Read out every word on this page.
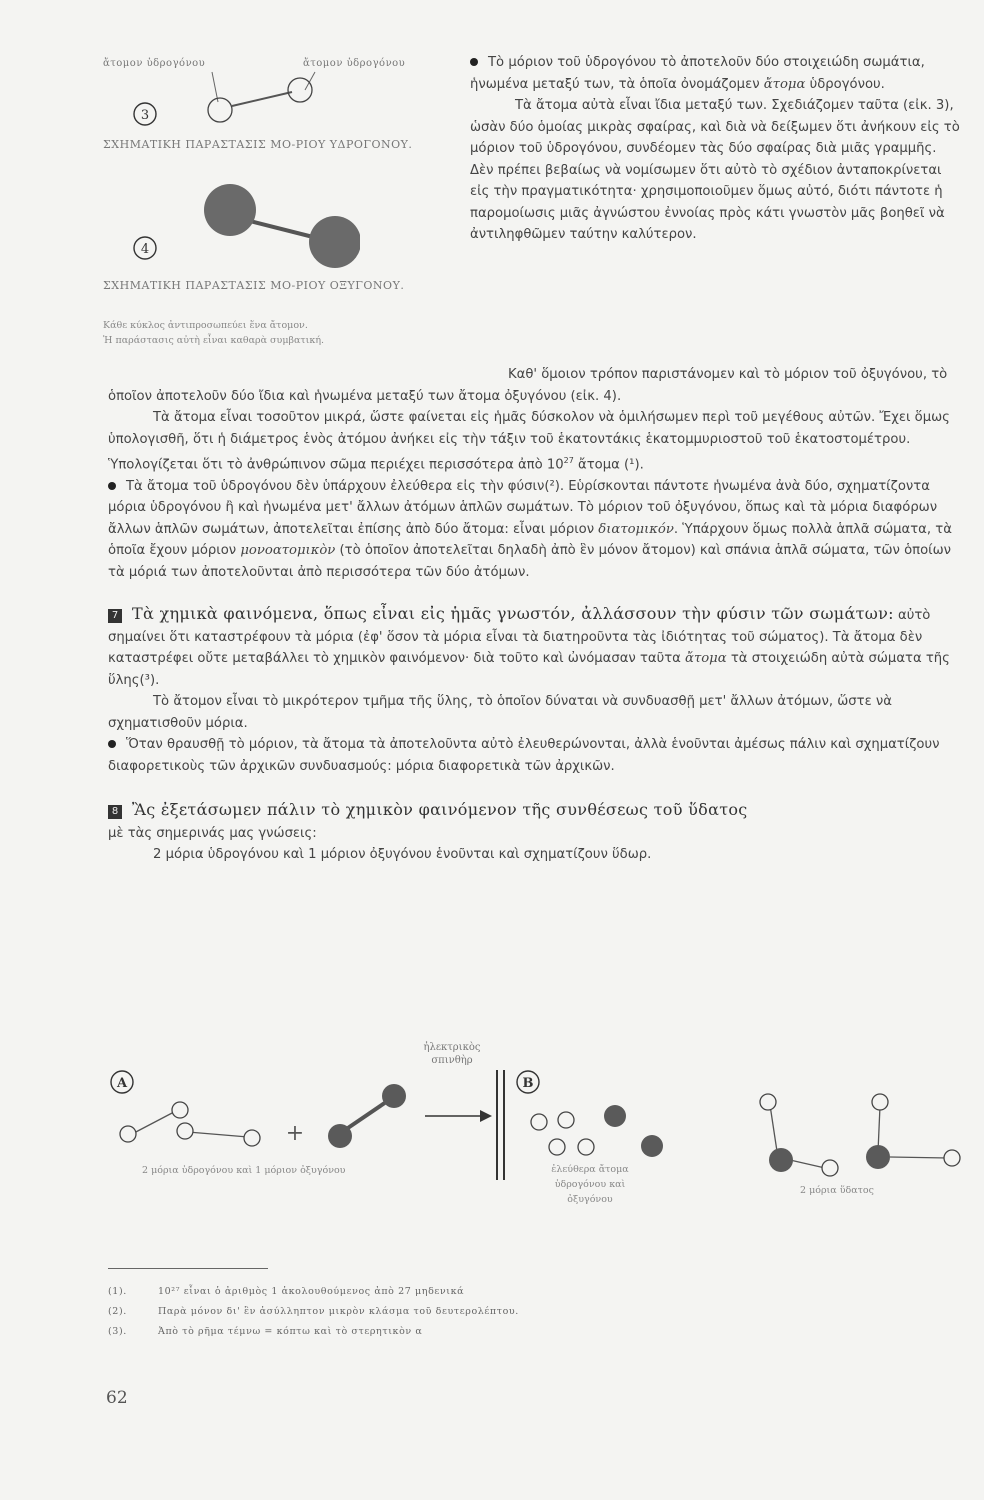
ἄτομον ὑδρογόνου	ἄτομον ὑδρογόνου
3
ΣΧΗΜΑΤΙΚΗ ΠΑΡΑΣΤΑΣΙΣ ΜΟ-ΡΙΟΥ ΥΔΡΟΓΟΝΟΥ.
4
ΣΧΗΜΑΤΙΚΗ ΠΑΡΑΣΤΑΣΙΣ ΜΟ-ΡΙΟΥ ΟΞΥΓΟΝΟΥ.
Κάθε κύκλος ἀντιπροσωπεύει ἕνα ἄτομον.
Ἡ παράστασις αὐτὴ εἶναι καθαρὰ συμβατική.

Τὸ μόριον τοῦ ὑδρογόνου τὸ ἀποτελοῦν δύο στοιχειώδη σωμάτια, ἡνωμένα μεταξύ των, τὰ ὁποῖα ὀνομάζομεν ἄτομα ὑδρογόνου.

Τὰ ἄτομα αὐτὰ εἶναι ἴδια μεταξύ των. Σχεδιάζομεν ταῦτα (εἰκ. 3), ὡσὰν δύο ὁμοίας μικρὰς σφαίρας, καὶ διὰ νὰ δείξωμεν ὅτι ἀνήκουν εἰς τὸ μόριον τοῦ ὑδρογόνου, συνδέομεν τὰς δύο σφαίρας διὰ μιᾶς γραμμῆς. Δὲν πρέπει βεβαίως νὰ νομίσωμεν ὅτι αὐτὸ τὸ σχέδιον ἀνταποκρίνεται εἰς τὴν πραγματικότητα· χρησιμοποιοῦμεν ὅμως αὐτό, διότι πάντοτε ἡ παρομοίωσις μιᾶς ἀγνώστου ἐννοίας πρὸς κάτι γνωστὸν μᾶς βοηθεῖ νὰ ἀντιληφθῶμεν ταύτην καλύτερον.

Καθ' ὅμοιον τρόπον παριστάνομεν καὶ τὸ μόριον τοῦ ὀξυγόνου, τὸ ὁποῖον ἀποτελοῦν δύο ἴδια καὶ ἡνωμένα μεταξύ των ἄτομα ὀξυγόνου (εἰκ. 4).

Τὰ ἄτομα εἶναι τοσοῦτον μικρά, ὥστε φαίνεται εἰς ἡμᾶς δύσκολον νὰ ὁμιλήσωμεν περὶ τοῦ μεγέθους αὐτῶν. Ἔχει ὅμως ὑπολογισθῆ, ὅτι ἡ διάμετρος ἑνὸς ἀτόμου ἀνήκει εἰς τὴν τάξιν τοῦ ἑκατοντάκις ἑκατομμυριοστοῦ τοῦ ἑκατοστομέτρου. Ὑπολογίζεται ὅτι τὸ ἀνθρώπινον σῶμα περιέχει περισσότερα ἀπὸ $10^{27}$ ἄτομα (¹).

Τὰ ἄτομα τοῦ ὑδρογόνου δὲν ὑπάρχουν ἐλεύθερα εἰς τὴν φύσιν(²). Εὑρίσκονται πάντοτε ἡνωμένα ἀνὰ δύο, σχηματίζοντα μόρια ὑδρογόνου ἢ καὶ ἡνωμένα μετ' ἄλλων ἀτόμων ἁπλῶν σωμάτων. Τὸ μόριον τοῦ ὀξυγόνου, ὅπως καὶ τὰ μόρια διαφόρων ἄλλων ἁπλῶν σωμάτων, ἀποτελεῖται ἐπίσης ἀπὸ δύο ἄτομα: εἶναι μόριον διατομικόν. Ὑπάρχουν ὅμως πολλὰ ἁπλᾶ σώματα, τὰ ὁποῖα ἔχουν μόριον μονοατομικὸν (τὸ ὁποῖον ἀποτελεῖται δηλαδὴ ἀπὸ ἓν μόνον ἄτομον) καὶ σπάνια ἁπλᾶ σώματα, τῶν ὁποίων τὰ μόριά των ἀποτελοῦνται ἀπὸ περισσότερα τῶν δύο ἀτόμων.

7 Τὰ χημικὰ φαινόμενα, ὅπως εἶναι εἰς ἡμᾶς γνωστόν, ἀλλάσσουν τὴν φύσιν τῶν σωμάτων: αὐτὸ σημαίνει ὅτι καταστρέφουν τὰ μόρια (ἐφ' ὅσον τὰ μόρια εἶναι τὰ διατηροῦντα τὰς ἰδιότητας τοῦ σώματος). Τὰ ἄτομα δὲν καταστρέφει οὔτε μεταβάλλει τὸ χημικὸν φαινόμενον· διὰ τοῦτο καὶ ὠνόμασαν ταῦτα ἄτομα τὰ στοιχειώδη αὐτὰ σώματα τῆς ὕλης(³).

Τὸ ἄτομον εἶναι τὸ μικρότερον τμῆμα τῆς ὕλης, τὸ ὁποῖον δύναται νὰ συνδυασθῇ μετ' ἄλλων ἀτόμων, ὥστε νὰ σχηματισθοῦν μόρια.

Ὅταν θραυσθῇ τὸ μόριον, τὰ ἄτομα τὰ ἀποτελοῦντα αὐτὸ ἐλευθερώνονται, ἀλλὰ ἑνοῦνται ἀμέσως πάλιν καὶ σχηματίζουν διαφορετικοὺς τῶν ἀρχικῶν συνδυασμούς: μόρια διαφορετικὰ τῶν ἀρχικῶν.

8 Ἂς ἐξετάσωμεν πάλιν τὸ χημικὸν φαινόμενον τῆς συνθέσεως τοῦ ὕδατος

μὲ τὰς σημερινάς μας γνώσεις:

2 μόρια ὑδρογόνου καὶ 1 μόριον ὀξυγόνου ἑνοῦνται καὶ σχηματίζουν ὕδωρ.

A
+
ἠλεκτρικὸς
σπινθὴρ
B
2 μόρια ὑδρογόνου καὶ 1 μόριον ὀξυγόνου	ἐλεύθερα ἄτομα ὑδρογόνου καὶ ὀξυγόνου
2 μόρια ὕδατος
(1).	10²⁷ εἶναι ὁ ἀριθμὸς 1 ἀκολουθούμενος ἀπὸ 27 μηδενικά
(2).	Παρὰ μόνον δι' ἓν ἀσύλληπτον μικρὸν κλάσμα τοῦ δευτερολέπτου.
(3).	Ἀπὸ τὸ ρῆμα τέμνω = κόπτω καὶ τὸ στερητικὸν α
62
